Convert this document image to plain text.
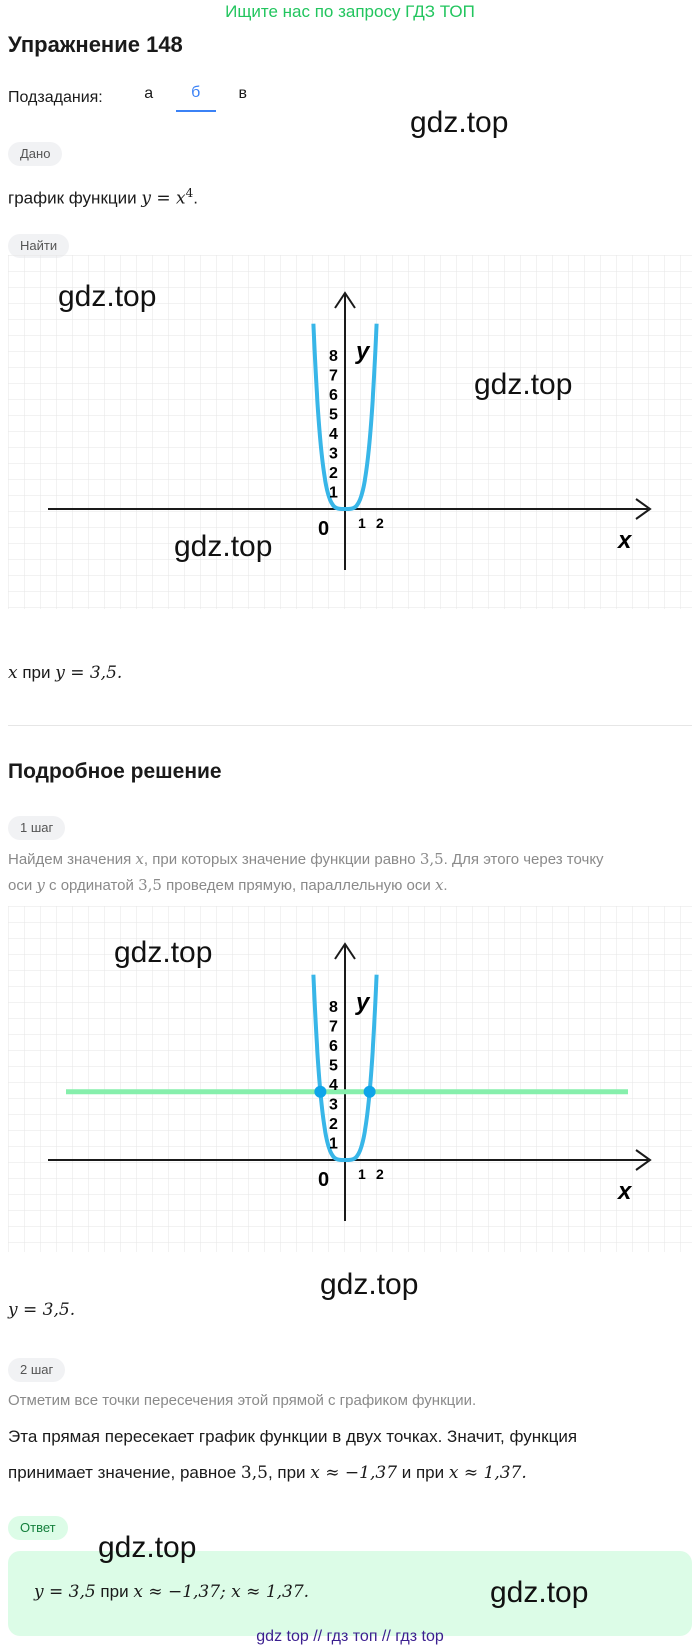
Ищите нас по запросу ГДЗ ТОП
Упражнение 148
Подзадания:	а	б	в
Дано
график функции $y = x^4$.
Найти
8
7
6
5
4
3
2
1
1 2
0	x
y
x при y = 3,5.
Подробное решение
1 шаг
Найдем значения x, при которых значение функции равно 3,5. Для этого через точку
оси y с ординатой 3,5 проведем прямую, параллельную оси x.
8
7
6
5
4
3
2
1
1 2
0	x
y
y = 3,5.
2 шаг
Отметим все точки пересечения этой прямой с графиком функции.
Эта прямая пересекает график функции в двух точках. Значит, функция
принимает значение, равное 3,5, при x ≈ −1,37 и при x ≈ 1,37.
Ответ
y = 3,5 при x ≈ −1,37; x ≈ 1,37.
gdz.top
gdz.top
gdz.top
gdz.top
gdz.top
gdz.top
gdz.top
gdz.top
gdz top // гдз топ // гдз top
